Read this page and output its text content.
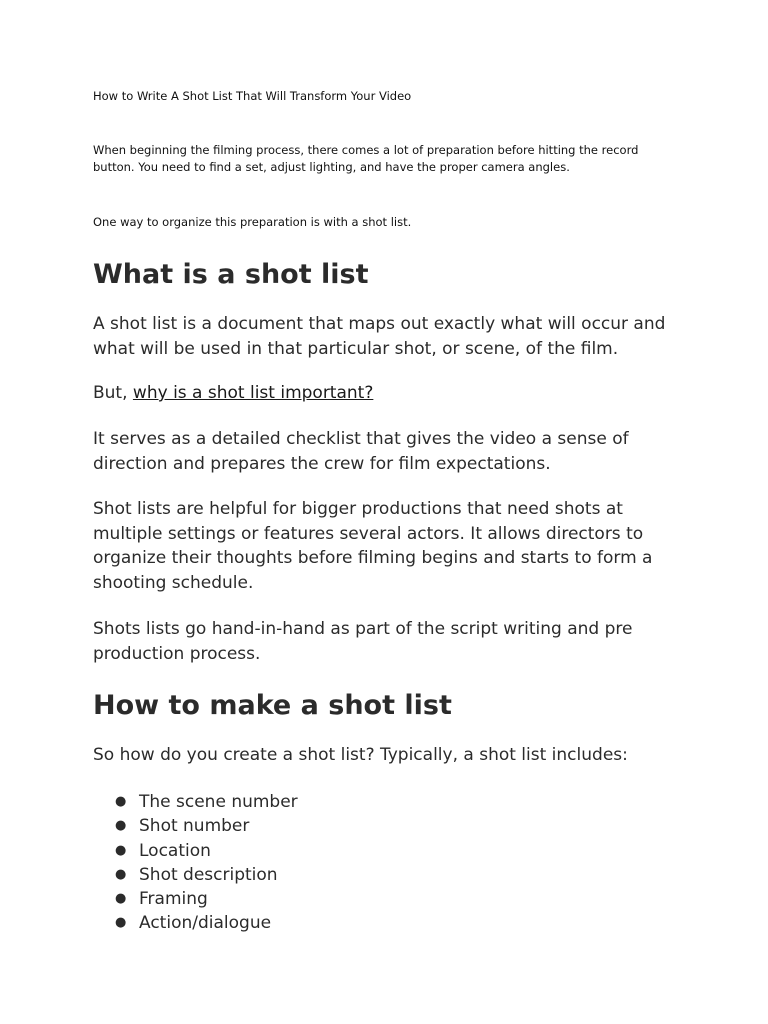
How to Write A Shot List That Will Transform Your Video

When beginning the filming process, there comes a lot of preparation before hitting the record button. You need to find a set, adjust lighting, and have the proper camera angles.

One way to organize this preparation is with a shot list.

What is a shot list

A shot list is a document that maps out exactly what will occur and what will be used in that particular shot, or scene, of the film.

But, why is a shot list important?

It serves as a detailed checklist that gives the video a sense of direction and prepares the crew for film expectations.

Shot lists are helpful for bigger productions that need shots at multiple settings or features several actors. It allows directors to organize their thoughts before filming begins and starts to form a shooting schedule.

Shots lists go hand-in-hand as part of the script writing and pre production process.

How to make a shot list

So how do you create a shot list? Typically, a shot list includes:

● The scene number
● Shot number
● Location
● Shot description
● Framing
● Action/dialogue
